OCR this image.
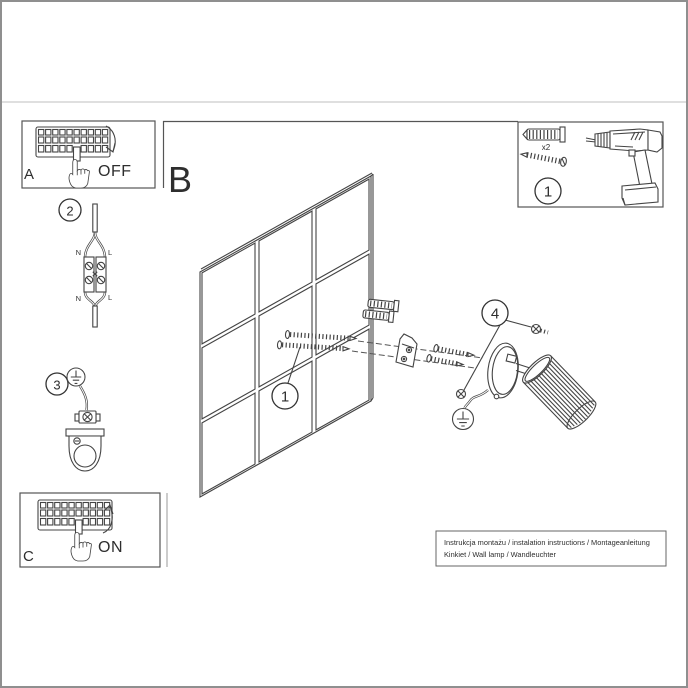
A	OFF
2
N	L
N	L
3
C
ON
B
x2
1
1
4
Instrukcja montażu / instalation instructions / Montageanleitung
Kinkiet / Wall lamp / Wandleuchter
